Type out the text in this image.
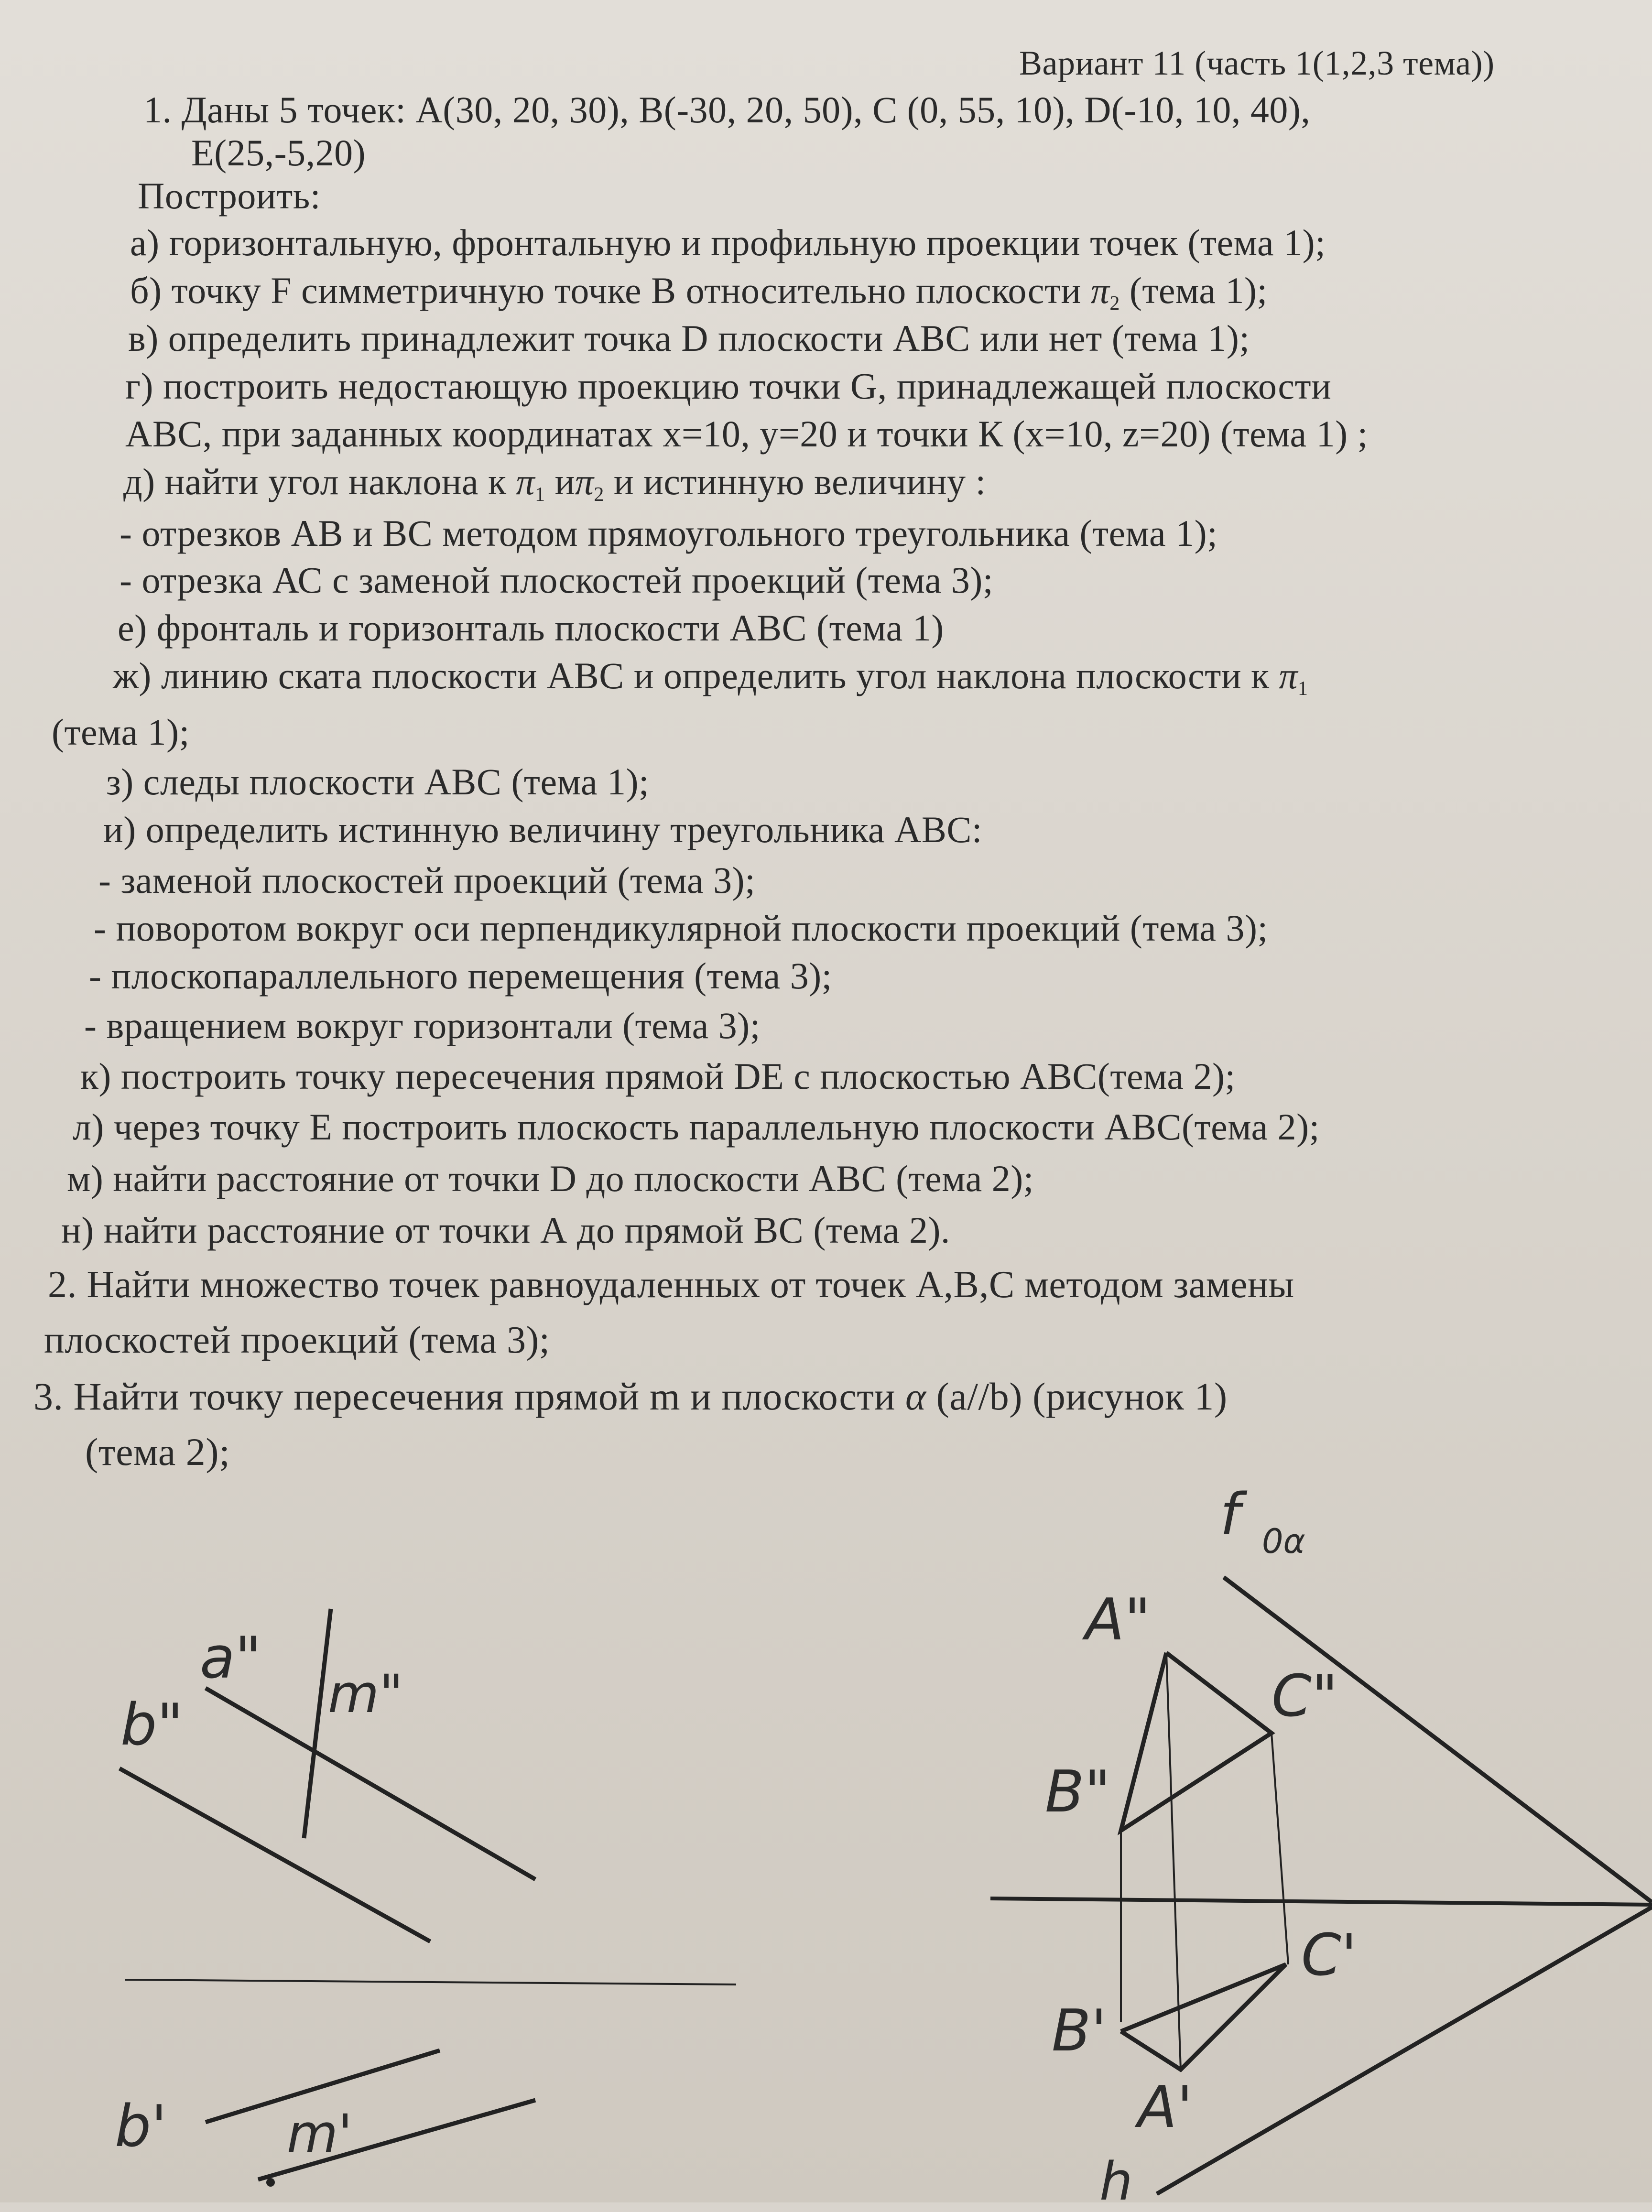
Вариант 11 (часть 1(1,2,3 тема))
1. Даны 5 точек: А(30, 20, 30), В(-30, 20, 50), С (0, 55, 10), D(-10, 10, 40),
Е(25,-5,20)
Построить:
а) горизонтальную, фронтальную и профильную проекции точек (тема 1);
б) точку F симметричную точке В относительно плоскости $\pi_2$ (тема 1);
в) определить принадлежит точка D плоскости АВС или нет (тема 1);
г) построить недостающую проекцию точки G, принадлежащей плоскости
АВС, при заданных координатах x=10, y=20 и точки К (x=10, z=20) (тема 1) ;
д) найти угол наклона к $\pi_1$ $и\pi_2$ и истинную величину :
- отрезков АВ и ВС методом прямоугольного треугольника (тема 1);
- отрезка АС с заменой плоскостей проекций (тема 3);
е) фронталь и горизонталь плоскости АВС (тема 1)
ж) линию ската плоскости АВС и определить угол наклона плоскости к $\pi_1$
(тема 1);
з) следы плоскости АВС (тема 1);
и) определить истинную величину треугольника АВС:
- заменой плоскостей проекций (тема 3);
- поворотом вокруг оси перпендикулярной плоскости проекций (тема 3);
- плоскопараллельного перемещения (тема 3);
- вращением вокруг горизонтали (тема 3);
к) построить точку пересечения прямой DE с плоскостью АВС(тема 2);
л) через точку Е построить плоскость параллельную плоскости АВС(тема 2);
м) найти расстояние от точки D до плоскости АВС (тема 2);
н) найти расстояние от точки А до прямой ВС (тема 2).
2. Найти множество точек равноудаленных от точек А,В,С методом замены
плоскостей проекций (тема 3);
3. Найти точку пересечения прямой m и плоскости α (a//b) (рисунок 1)
(тема 2);
a"
b"	m"
b' m'
f 0α
A"
C"
B"
C'
B'
A'
h
